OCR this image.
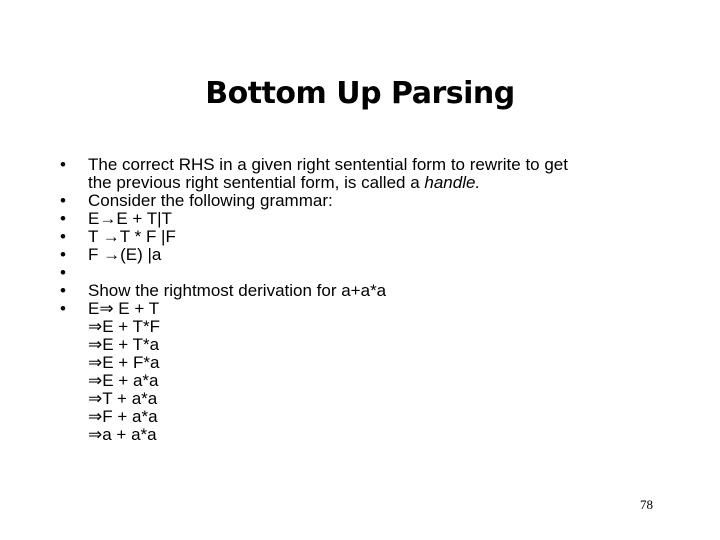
Bottom Up Parsing
• The correct RHS in a given right sentential form to rewrite to get
the previous right sentential form, is called a handle.
• Consider the following grammar:
• E→E + T|T
• T →T * F |F
• F →(E) |a
•

• Show the rightmost derivation for a+a*a
• E⇒ E + T
⇒E + T*F
⇒E + T*a
⇒E + F*a
⇒E + a*a
⇒T + a*a
⇒F + a*a
⇒a + a*a
78
